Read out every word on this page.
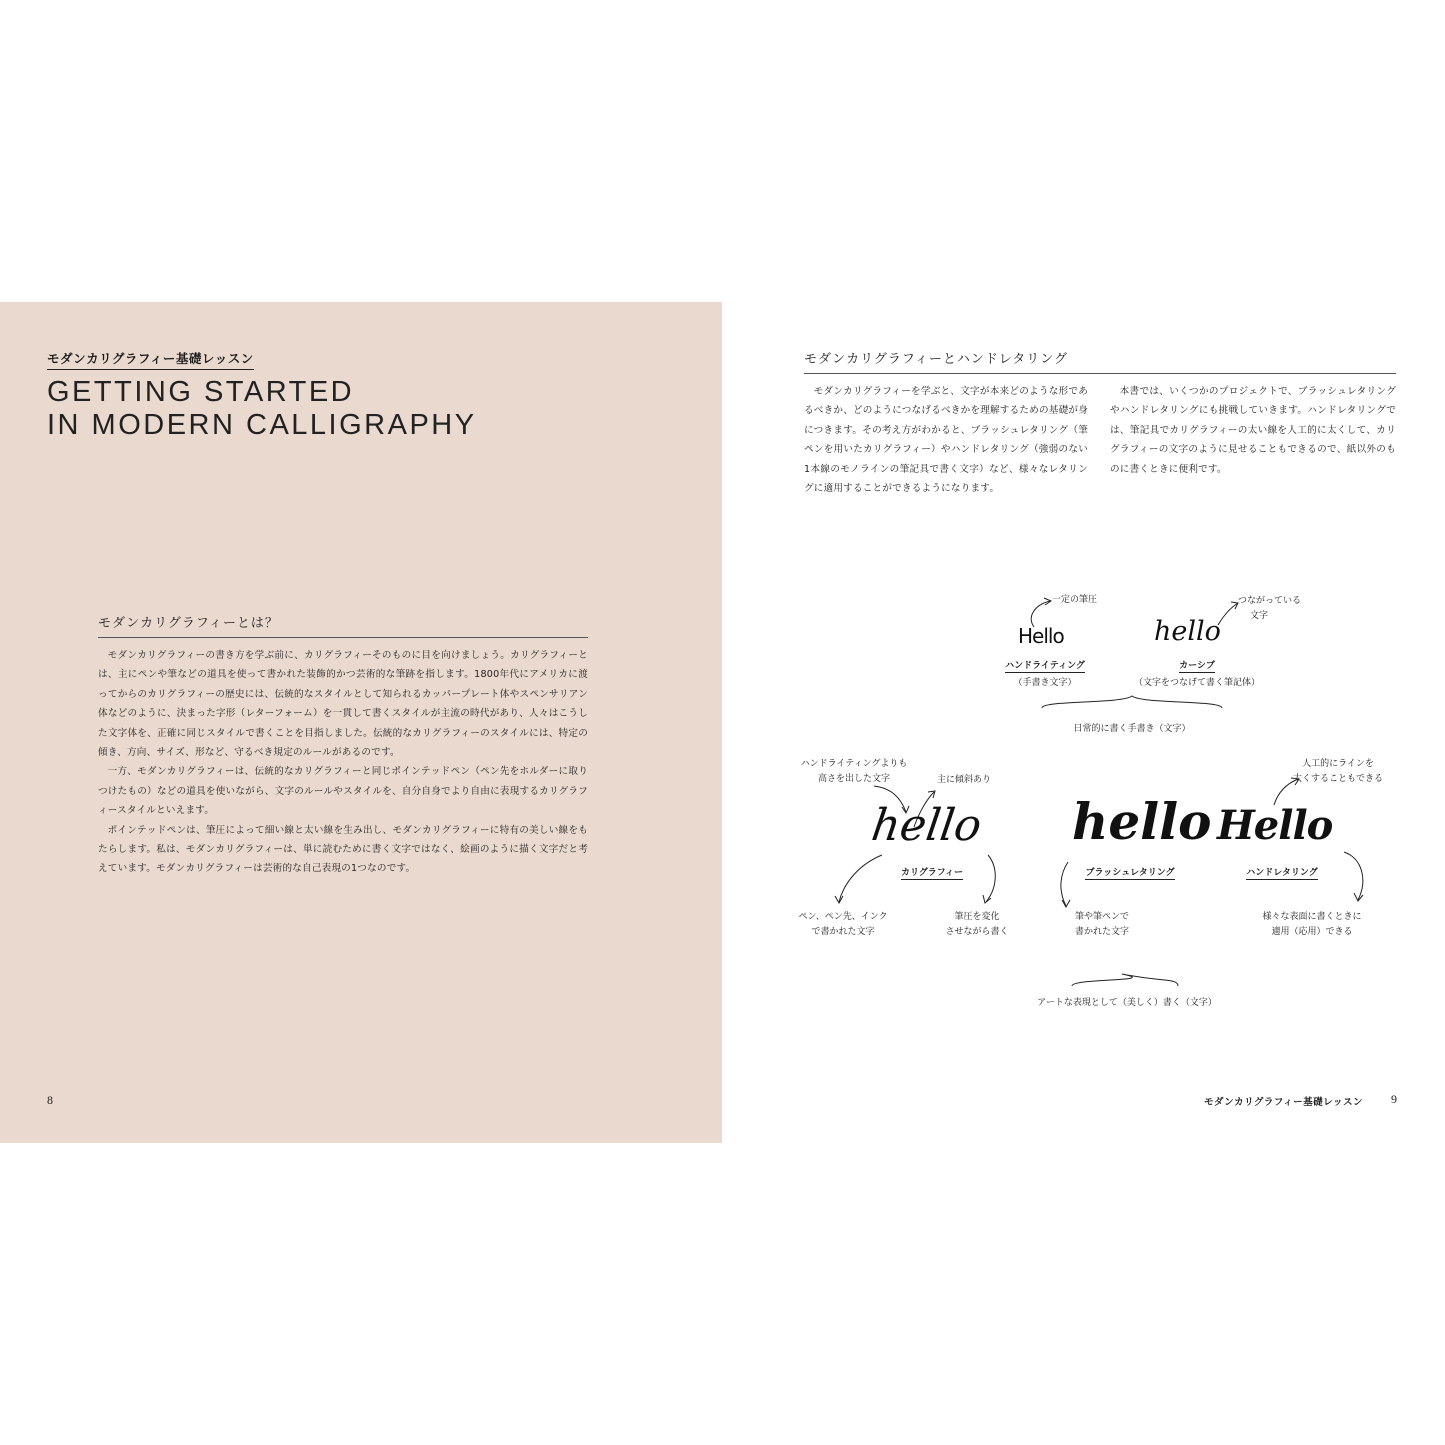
モダンカリグラフィー基礎レッスン
GETTING STARTED
IN MODERN CALLIGRAPHY
モダンカリグラフィーとは？

モダンカリグラフィーの書き方を学ぶ前に、カリグラフィーそのものに目を向けましょう。カリグラフィーとは、主にペンや筆などの道具を使って書かれた装飾的かつ芸術的な筆跡を指します。1800年代にアメリカに渡ってからのカリグラフィーの歴史には、伝統的なスタイルとして知られるカッパープレート体やスペンサリアン体などのように、決まった字形（レターフォーム）を一貫して書くスタイルが主流の時代があり、人々はこうした文字体を、正確に同じスタイルで書くことを目指しました。伝統的なカリグラフィーのスタイルには、特定の傾き、方向、サイズ、形など、守るべき規定のルールがあるのです。

一方、モダンカリグラフィーは、伝統的なカリグラフィーと同じポインテッドペン（ペン先をホルダーに取りつけたもの）などの道具を使いながら、文字のルールやスタイルを、自分自身でより自由に表現するカリグラフィースタイルといえます。

ポインテッドペンは、筆圧によって細い線と太い線を生み出し、モダンカリグラフィーに特有の美しい線をもたらします。私は、モダンカリグラフィーは、単に読むために書く文字ではなく、絵画のように描く文字だと考えています。モダンカリグラフィーは芸術的な自己表現の1つなのです。

8
モダンカリグラフィーとハンドレタリング

モダンカリグラフィーを学ぶと、文字が本来どのような形であるべきか、どのようにつなげるべきかを理解するための基礎が身につきます。その考え方がわかると、ブラッシュレタリング（筆ペンを用いたカリグラフィー）やハンドレタリング（強弱のない1本線のモノラインの筆記具で書く文字）など、様々なレタリングに適用することができるようになります。

本書では、いくつかのプロジェクトで、ブラッシュレタリングやハンドレタリングにも挑戦していきます。ハンドレタリングでは、筆記具でカリグラフィーの太い線を人工的に太くして、カリグラフィーの文字のように見せることもできるので、紙以外のものに書くときに便利です。

一定の筆圧	つながっている
文字
Hello	hello
ハンドライティング
（手書き文字）
カーシブ
（文字をつなげて書く筆記体）
日常的に書く手書き（文字）
ハンドライティングよりも
高さを出した文字	主に傾斜あり
人工的にラインを
太くすることもできる
hello hello Hello
カリグラフィー	ブラッシュレタリング	ハンドレタリング
ペン、ペン先、インク
で書かれた文字
筆圧を変化
させながら書く
筆や筆ペンで
書かれた文字
様々な表面に書くときに
適用（応用）できる
アートな表現として（美しく）書く（文字）
モダンカリグラフィー基礎レッスン 9
